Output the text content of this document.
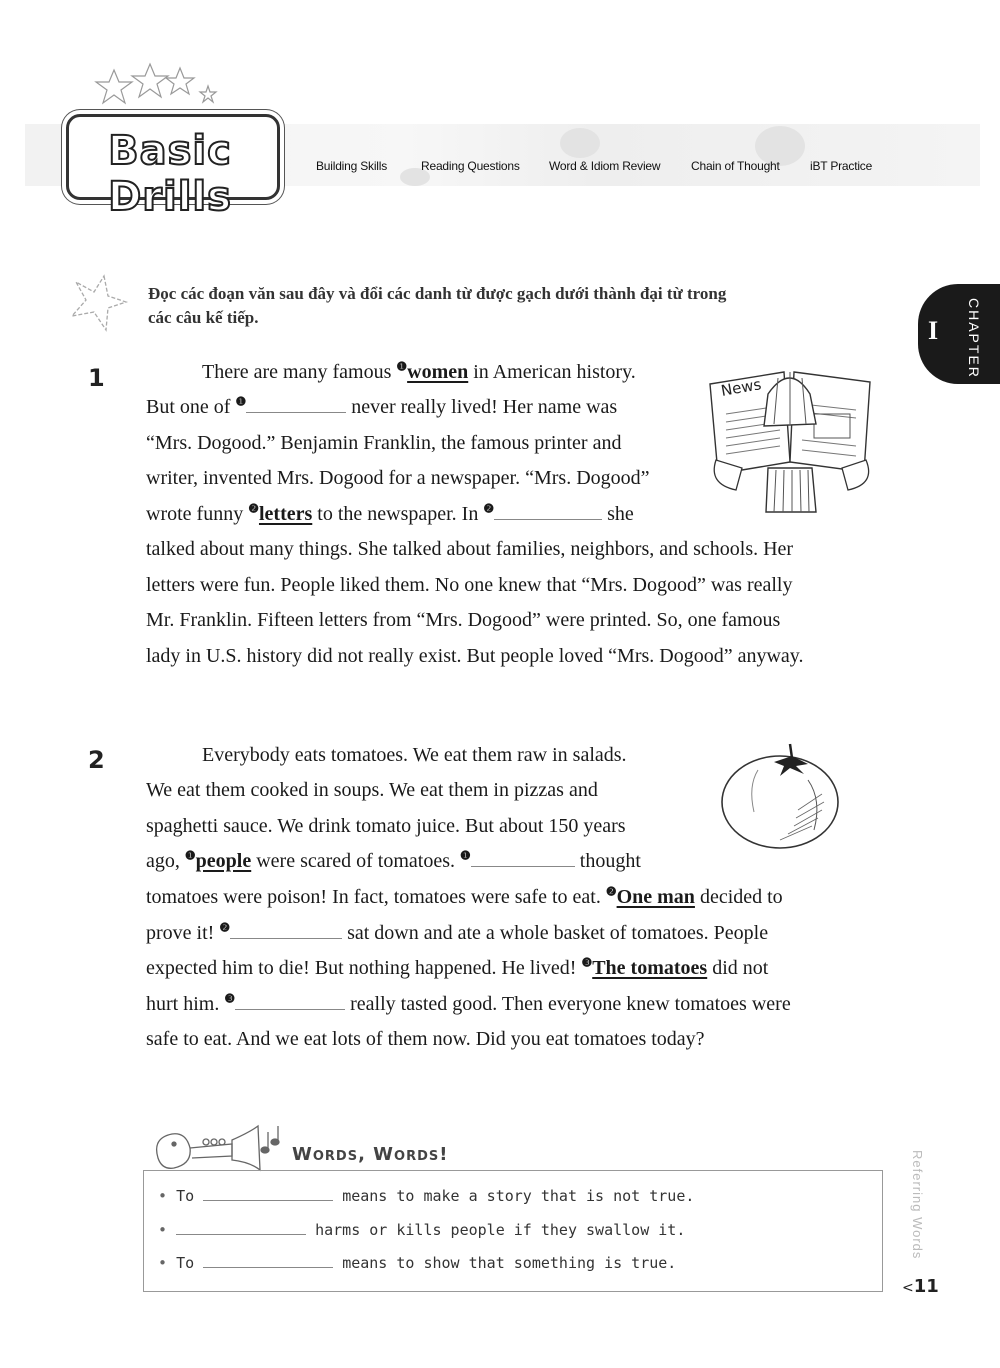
Basic Drills
Building Skills	Reading Questions Word & Idiom Review	Chain of Thought	iBT Practice
I CHAPTER
Đọc các đoạn văn sau đây và đổi các danh từ được gạch dưới thành đại từ trong
các câu kế tiếp.
1	News
There are many famous $^❶$women in American history.
But one of $^❶$	never really lived! Her name was
“Mrs. Dogood.” Benjamin Franklin, the famous printer and
writer, invented Mrs. Dogood for a newspaper. “Mrs. Dogood”
wrote funny $^❷$letters to the newspaper. In $^❷$	she
talked about many things. She talked about families, neighbors, and schools. Her
letters were fun. People liked them. No one knew that “Mrs. Dogood” was really
Mr. Franklin. Fifteen letters from “Mrs. Dogood” were printed. So, one famous
lady in U.S. history did not really exist. But people loved “Mrs. Dogood” anyway.
2	Everybody eats tomatoes. We eat them raw in salads.
We eat them cooked in soups. We eat them in pizzas and
spaghetti sauce. We drink tomato juice. But about 150 years
ago, $^❶$people were scared of tomatoes. $^❶$	thought
tomatoes were poison! In fact, tomatoes were safe to eat. $^❷$One man decided to
prove it! $^❷$	sat down and ate a whole basket of tomatoes. People
expected him to die! But nothing happened. He lived! $^❸$The tomatoes did not
hurt him. $^❸$	really tasted good. Then everyone knew tomatoes were
safe to eat. And we eat lots of them now. Did you eat tomatoes today?
Words, Words!
• To	means to make a story that is not true.
•	harms or kills people if they swallow it.
• To	means to show that something is true.
Referring Words
<11
